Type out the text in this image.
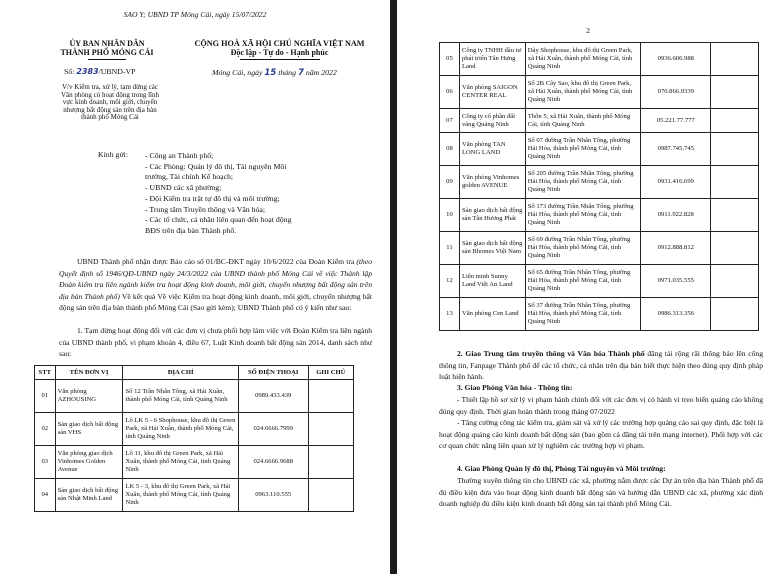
SAO Y; UBND TP Móng Cái, ngày 15/07/2022
ỦY BAN NHÂN DÂN
THÀNH PHỐ MÓNG CÁI
CỘNG HOÀ XÃ HỘI CHỦ NGHĨA VIỆT NAM
Độc lập - Tự do - Hạnh phúc
Số: 2383/UBND-VP	Móng Cái, ngày 15 tháng 7 năm 2022
V/v Kiểm tra, xử lý, tạm dừng các
Văn phòng có hoạt động trong lĩnh
vực kinh doanh, môi giới, chuyển
nhượng bất động sản trên địa bàn
thành phố Móng Cái
Kính gửi: - Công an Thành phố;
- Các Phòng: Quản lý đô thị, Tài nguyên Môi
trường, Tài chính Kế hoạch;
- UBND các xã phường;
- Đội Kiểm tra trật tự đô thị và môi trường;
- Trung tâm Truyền thông và Văn hóa;
- Các tổ chức, cá nhân liên quan đến hoạt động
BĐS trên địa bàn Thành phố.
UBND Thành phố nhận được Báo cáo số 01/BC-ĐKT ngày 10/6/2022 của Đoàn Kiểm tra (theo Quyết định số 1946/QĐ-UBND ngày 24/3/2022 của UBND thành phố Móng Cái về việc Thành lập Đoàn kiểm tra liên ngành kiểm tra hoạt động kinh doanh, môi giới, chuyển nhượng bất động sản trên địa bàn Thành phố) Về kết quả Về việc Kiểm tra hoạt động kinh doanh, môi giới, chuyển nhượng bất động sản trên địa bàn thành phố Móng Cái (Sao gửi kèm); UBND Thành phố có ý kiến như sau:
1. Tạm dừng hoạt động đối với các đơn vị chưa phối hợp làm việc với Đoàn Kiểm tra liên ngành của UBND thành phố, vi phạm khoản 4, điều 67, Luật Kinh doanh bất động sản 2014, danh sách như sau:
STT	TÊN ĐƠN VỊ	ĐỊA CHỈ	SỐ ĐIỆN THOẠI	GHI CHÚ
01	Văn phòng AZHOUSING	Số 12 Trần Nhân Tông, xã Hải Xuân, thành phố Móng Cái, tỉnh Quảng Ninh	0989.433.439	
02	Sàn giao dịch bất động sản VHS	Lô LK 5 - 6 Shophouse, khu đô thị Green Park, xã Hải Xuân, thành phố Móng Cái, tỉnh Quảng Ninh	024.6666.7999	
03	Văn phòng giao dịch Vinhomes Golden Avenue	Lô 11, khu đô thị Green Park, xã Hải Xuân, thành phố Móng Cái, tỉnh Quảng Ninh	024.6666.9688	
04	Sàn giao dịch bất động sản Nhật Minh Land	LK 5 - 3, khu đô thị Green Park, xã Hải Xuân, thành phố Móng Cái, tỉnh Quảng Ninh	0963.110.555	
2
05	Công ty TNHH dầu tư phát triển Tân Hưng Land	Dãy Shophouse, khu đô thị Green Park, xã Hải Xuân, thành phố Móng Cái, tỉnh Quảng Ninh	0936.606.988	
06	Văn phòng SAIGON CENTER REAL	Số 2B Cây Sao, khu đô thị Green Park, xã Hải Xuân, thành phố Móng Cái, tỉnh Quảng Ninh	070.866.9339	
07	Công ty cổ phần đất vàng Quảng Ninh	Thôn 5, xã Hải Xuân, thành phố Móng Cái, tỉnh Quảng Ninh	05.221.77.777	
08	Văn phòng TAN LONG LAND	Số 07 đường Trần Nhân Tông, phường Hải Hòa, thành phố Móng Cái, tỉnh Quảng Ninh	0987.745.745	
09	Văn phòng Vinhomes golden AVENUE	Số 205 đường Trần Nhân Tông, phường Hải Hòa, thành phố Móng Cái, tỉnh Quảng Ninh	0931.416.699	
10	Sàn giao dịch bất động sản Tân Hương Phát	Số 173 đường Trần Nhân Tông, phường Hải Hòa, thành phố Móng Cái, tỉnh Quảng Ninh	0911.922.828	
11	Sàn giao dịch bất động sản Bhomes Việt Nam	Số 69 đường Trần Nhân Tông, phường Hải Hòa, thành phố Móng Cái, tỉnh Quảng Ninh	0912.888.812	
12	Liên minh Sunny Land Việt An Land	Số 65 đường Trần Nhân Tông, phường Hải Hòa, thành phố Móng Cái, tỉnh Quảng Ninh	0971.035.555	
13	Văn phòng Cen Land	Số 37 đường Trần Nhân Tông, phường Hải Hòa, thành phố Móng Cái, tỉnh Quảng Ninh	0986.313.356	
2. Giao Trung tâm truyền thông và Văn hóa Thành phố đăng tải rộng rãi thông báo lên cổng thông tin, Fanpage Thành phố để các tổ chức, cá nhân trên địa bàn biết thực hiện theo đúng quy định pháp luật hiện hành.
3. Giao Phòng Văn hóa - Thông tin:
- Thiết lập hồ sơ xử lý vi phạm hành chính đối với các đơn vị có hành vi treo biển quảng cáo không đúng quy định. Thời gian hoàn thành trong tháng 07/2022
- Tăng cường công tác kiểm tra, giám sát và xử lý các trường hợp quảng cáo sai quy định, đặc biệt là hoạt động quảng cáo kinh doanh bất động sản (bao gồm cả đăng tải trên mạng internet). Phối hợp với các cơ quan chức năng liên quan xử lý nghiêm các trường hợp vi phạm.
4. Giao Phòng Quản lý đô thị, Phòng Tài nguyên và Môi trường:
Thường xuyên thông tin cho UBND các xã, phường nắm được các Dự án trên địa bàn Thành phố đã đủ điều kiện đưa vào hoạt động kinh doanh bất động sản và hướng dẫn UBND các xã, phường xác định doanh nghiệp đủ điều kiện kinh doanh bất động sản tại thành phố Móng Cái.
